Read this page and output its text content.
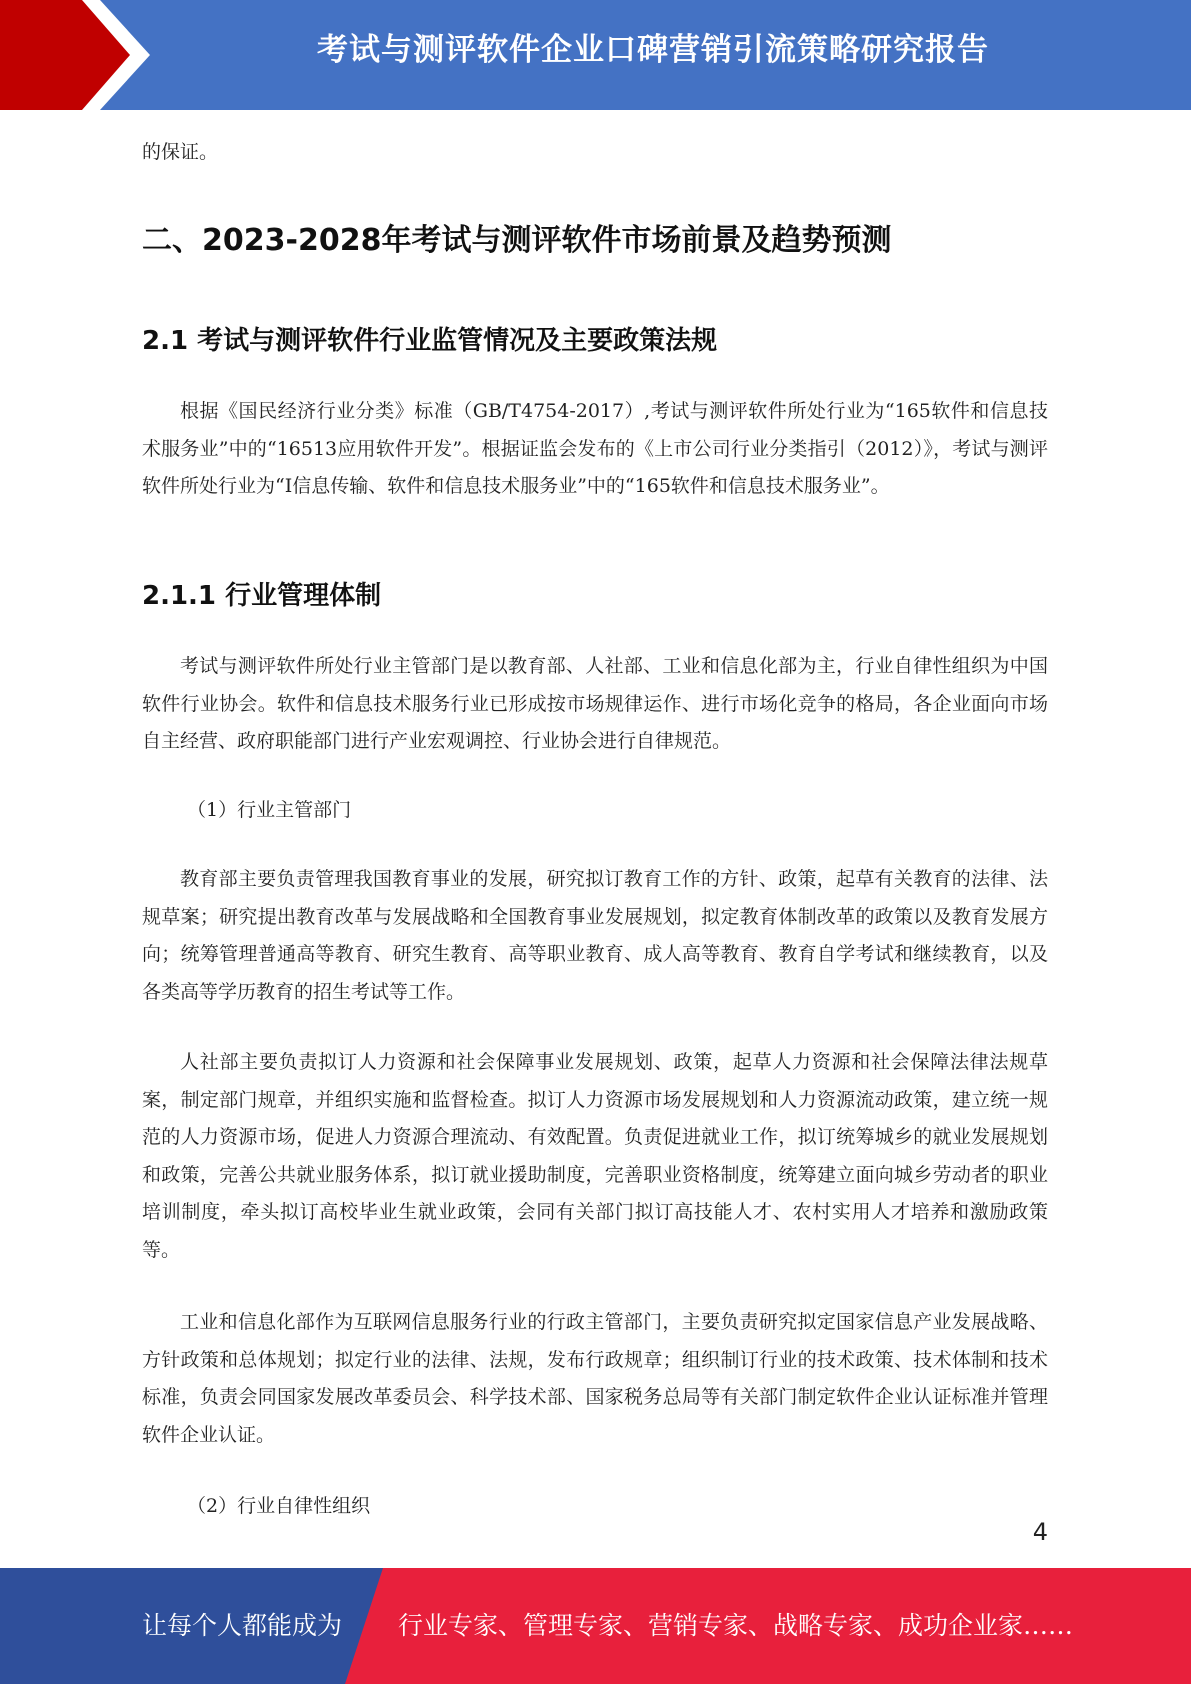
考试与测评软件企业口碑营销引流策略研究报告

的保证。

二、2023-2028年考试与测评软件市场前景及趋势预测
2.1 考试与测评软件行业监管情况及主要政策法规

根据《国民经济行业分类》标准（GB/T4754-2017）,考试与测评软件所处行业为“165软件和信息技术服务业”中的“16513应用软件开发”。根据证监会发布的《上市公司行业分类指引（2012）》，考试与测评软件所处行业为“I信息传输、软件和信息技术服务业”中的“165软件和信息技术服务业”。

2.1.1 行业管理体制

考试与测评软件所处行业主管部门是以教育部、人社部、工业和信息化部为主，行业自律性组织为中国软件行业协会。软件和信息技术服务行业已形成按市场规律运作、进行市场化竞争的格局，各企业面向市场自主经营、政府职能部门进行产业宏观调控、行业协会进行自律规范。

（1）行业主管部门

教育部主要负责管理我国教育事业的发展，研究拟订教育工作的方针、政策，起草有关教育的法律、法规草案；研究提出教育改革与发展战略和全国教育事业发展规划，拟定教育体制改革的政策以及教育发展方向；统筹管理普通高等教育、研究生教育、高等职业教育、成人高等教育、教育自学考试和继续教育，以及各类高等学历教育的招生考试等工作。

人社部主要负责拟订人力资源和社会保障事业发展规划、政策，起草人力资源和社会保障法律法规草案，制定部门规章，并组织实施和监督检查。拟订人力资源市场发展规划和人力资源流动政策，建立统一规范的人力资源市场，促进人力资源合理流动、有效配置。负责促进就业工作，拟订统筹城乡的就业发展规划和政策，完善公共就业服务体系，拟订就业援助制度，完善职业资格制度，统筹建立面向城乡劳动者的职业培训制度，牵头拟订高校毕业生就业政策，会同有关部门拟订高技能人才、农村实用人才培养和激励政策等。

工业和信息化部作为互联网信息服务行业的行政主管部门，主要负责研究拟定国家信息产业发展战略、方针政策和总体规划；拟定行业的法律、法规，发布行政规章；组织制订行业的技术政策、技术体制和技术标准，负责会同国家发展改革委员会、科学技术部、国家税务总局等有关部门制定软件企业认证标准并管理软件企业认证。

（2）行业自律性组织

4
让每个人都能成为 行业专家、管理专家、营销专家、战略专家、成功企业家……
